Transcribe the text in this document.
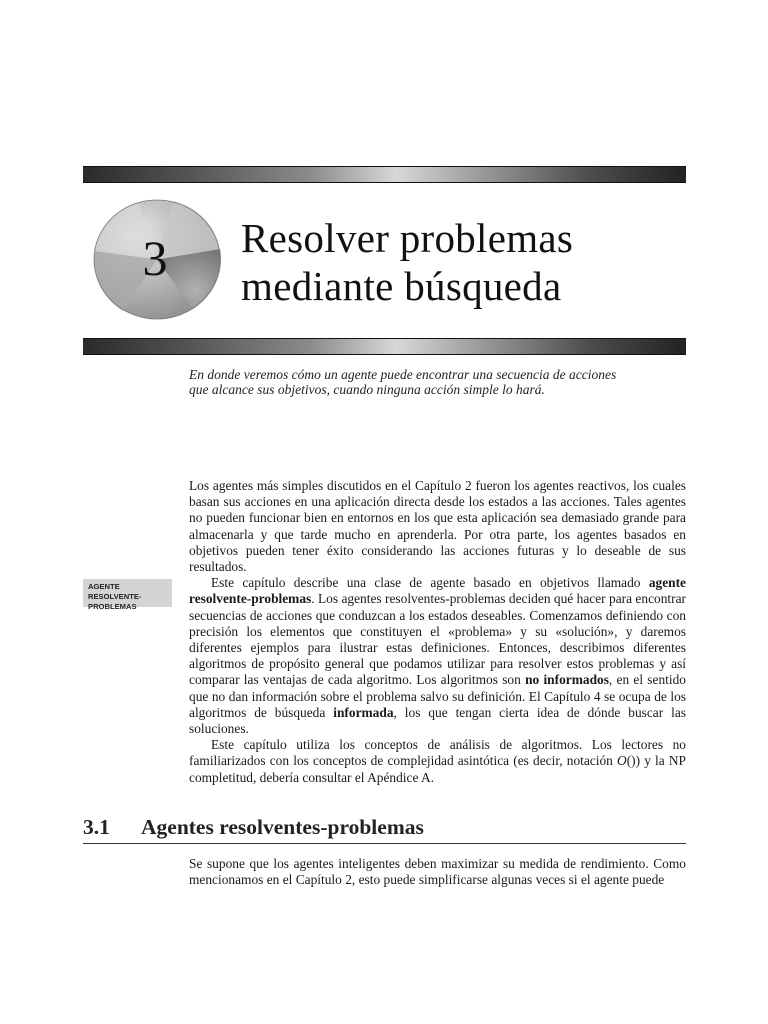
3 Resolver problemas
mediante búsqueda
En donde veremos cómo un agente puede encontrar una secuencia de acciones
que alcance sus objetivos, cuando ninguna acción simple lo hará.
AGENTE RESOLVENTE-
PROBLEMAS

Los agentes más simples discutidos en el Capítulo 2 fueron los agentes reactivos, los cuales basan sus acciones en una aplicación directa desde los estados a las acciones. Tales agentes no pueden funcionar bien en entornos en los que esta aplicación sea demasiado grande para almacenarla y que tarde mucho en aprenderla. Por otra parte, los agentes basados en objetivos pueden tener éxito considerando las acciones futuras y lo deseable de sus resultados.

Este capítulo describe una clase de agente basado en objetivos llamado agente resolvente-problemas. Los agentes resolventes-problemas deciden qué hacer para encontrar secuencias de acciones que conduzcan a los estados deseables. Comenzamos definiendo con precisión los elementos que constituyen el «problema» y su «solución», y daremos diferentes ejemplos para ilustrar estas definiciones. Entonces, describimos diferentes algoritmos de propósito general que podamos utilizar para resolver estos problemas y así comparar las ventajas de cada algoritmo. Los algoritmos son no informados, en el sentido que no dan información sobre el problema salvo su definición. El Capítulo 4 se ocupa de los algoritmos de búsqueda informada, los que tengan cierta idea de dónde buscar las soluciones.

Este capítulo utiliza los conceptos de análisis de algoritmos. Los lectores no familiarizados con los conceptos de complejidad asintótica (es decir, notación O()) y la NP completitud, debería consultar el Apéndice A.

3.1 Agentes resolventes-problemas

Se supone que los agentes inteligentes deben maximizar su medida de rendimiento. Como mencionamos en el Capítulo 2, esto puede simplificarse algunas veces si el agente puede
